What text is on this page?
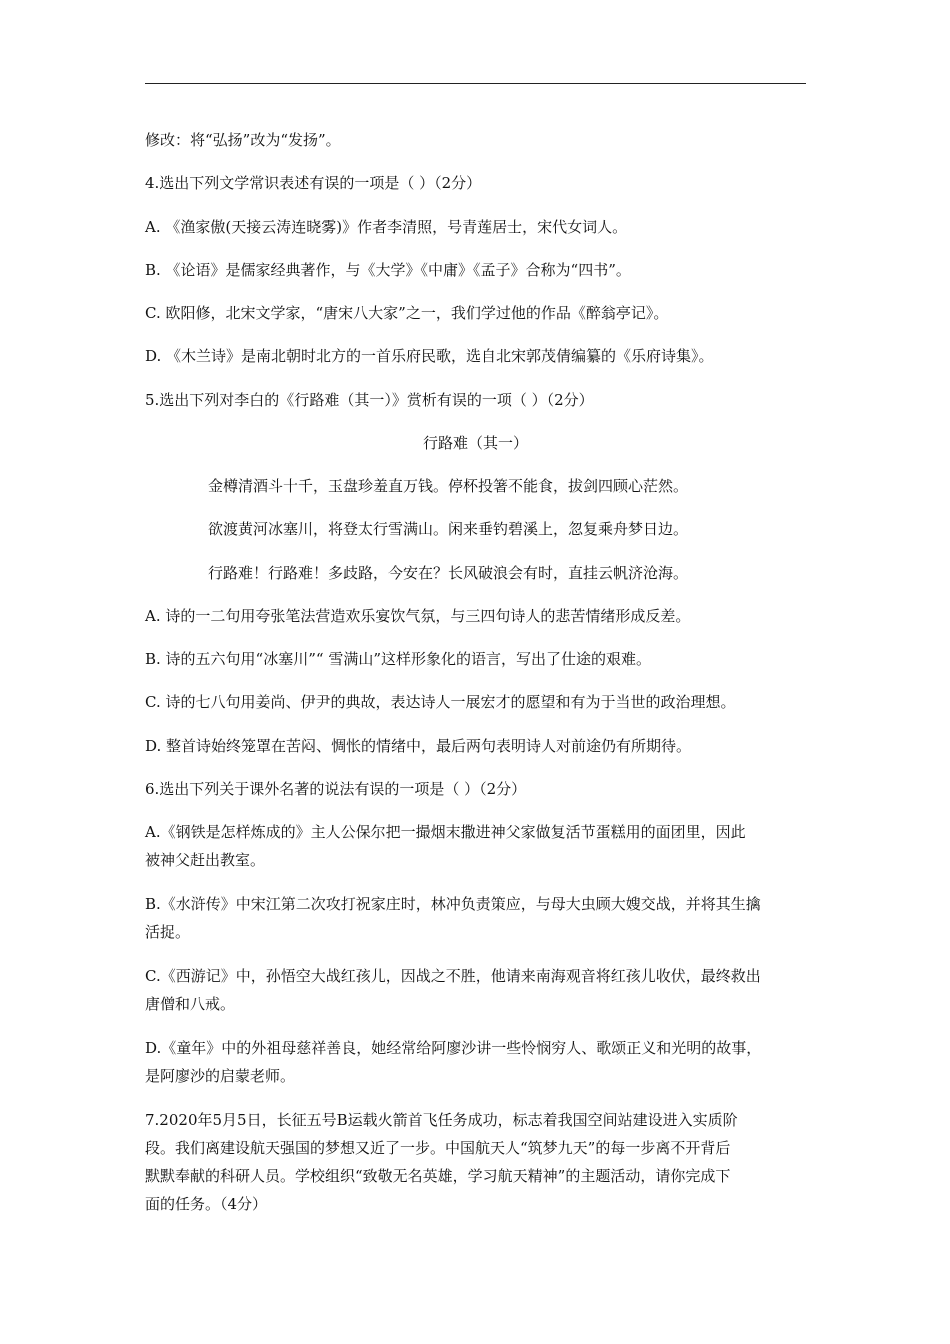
修改：将“弘扬”改为“发扬”。
4.选出下列文学常识表述有误的一项是（ ）（2分）
A. 《渔家傲(天接云涛连晓雾)》作者李清照，号青莲居士，宋代女词人。
B. 《论语》是儒家经典著作，与《大学》《中庸》《孟子》合称为“四书”。
C. 欧阳修，北宋文学家，“唐宋八大家”之一，我们学过他的作品《醉翁亭记》。
D. 《木兰诗》是南北朝时北方的一首乐府民歌，选自北宋郭茂倩编纂的《乐府诗集》。
5.选出下列对李白的《行路难（其一）》赏析有误的一项（ ）（2分）
行路难（其一）
金樽清酒斗十千，玉盘珍羞直万钱。停杯投箸不能食，拔剑四顾心茫然。
欲渡黄河冰塞川，将登太行雪满山。闲来垂钓碧溪上，忽复乘舟梦日边。
行路难！行路难！多歧路，今安在？长风破浪会有时，直挂云帆济沧海。
A. 诗的一二句用夸张笔法营造欢乐宴饮气氛，与三四句诗人的悲苦情绪形成反差。
B. 诗的五六句用“冰塞川”“ 雪满山”这样形象化的语言，写出了仕途的艰难。
C. 诗的七八句用姜尚、伊尹的典故，表达诗人一展宏才的愿望和有为于当世的政治理想。
D. 整首诗始终笼罩在苦闷、惆怅的情绪中，最后两句表明诗人对前途仍有所期待。
6.选出下列关于课外名著的说法有误的一项是（ ）（2分）
A.《钢铁是怎样炼成的》主人公保尔把一撮烟末撒进神父家做复活节蛋糕用的面团里，因此
被神父赶出教室。
B.《水浒传》中宋江第二次攻打祝家庄时，林冲负责策应，与母大虫顾大嫂交战，并将其生擒
活捉。
C.《西游记》中，孙悟空大战红孩儿，因战之不胜，他请来南海观音将红孩儿收伏，最终救出
唐僧和八戒。
D.《童年》中的外祖母慈祥善良，她经常给阿廖沙讲一些怜悯穷人、歌颂正义和光明的故事，
是阿廖沙的启蒙老师。
7.2020年5月5日，长征五号B运载火箭首飞任务成功，标志着我国空间站建设进入实质阶
段。我们离建设航天强国的梦想又近了一步。中国航天人“筑梦九天”的每一步离不开背后
默默奉献的科研人员。学校组织“致敬无名英雄，学习航天精神”的主题活动，请你完成下
面的任务。（4分）
